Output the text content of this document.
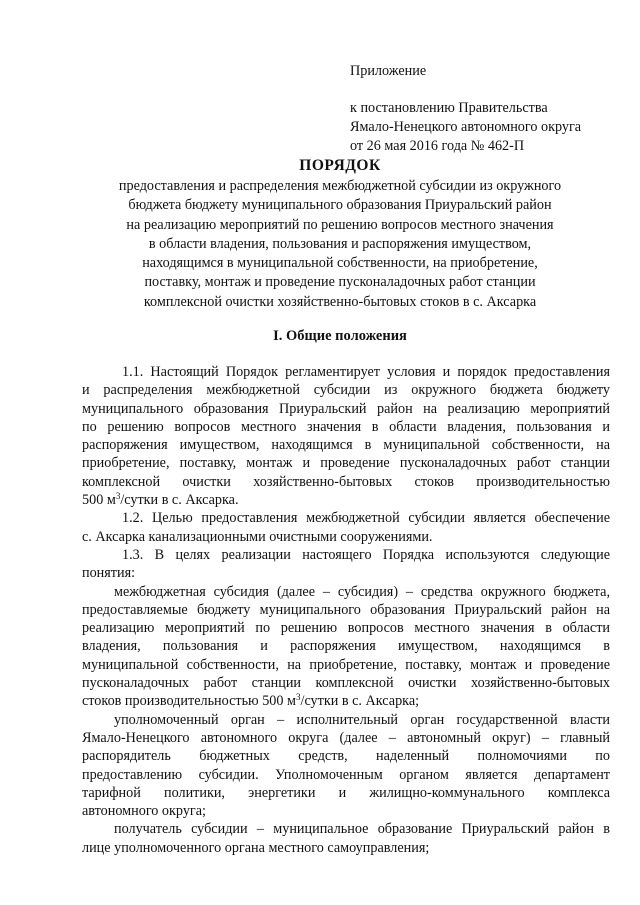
Приложение
к постановлению Правительства
Ямало-Ненецкого автономного округа
от 26 мая 2016 года № 462-П
ПОРЯДОК
предоставления и распределения межбюджетной субсидии из окружного
бюджета бюджету муниципального образования Приуральский район
на реализацию мероприятий по решению вопросов местного значения
в области владения, пользования и распоряжения имуществом,
находящимся в муниципальной собственности, на приобретение,
поставку, монтаж и проведение пусконаладочных работ станции
комплексной очистки хозяйственно-бытовых стоков в с. Аксарка
I. Общие положения
1.1. Настоящий Порядок регламентирует условия и порядок предоставления
и распределения межбюджетной субсидии из окружного бюджета бюджету
муниципального образования Приуральский район на реализацию мероприятий
по решению вопросов местного значения в области владения, пользования и
распоряжения имуществом, находящимся в муниципальной собственности, на
приобретение, поставку, монтаж и проведение пусконаладочных работ станции
комплексной очистки хозяйственно-бытовых стоков производительностью
500 $м^3$/сутки в с. Аксарка.
1.2. Целью предоставления межбюджетной субсидии является обеспечение
с. Аксарка канализационными очистными сооружениями.
1.3. В целях реализации настоящего Порядка используются следующие
понятия:
межбюджетная субсидия (далее – субсидия) – средства окружного бюджета,
предоставляемые бюджету муниципального образования Приуральский район на
реализацию мероприятий по решению вопросов местного значения в области
владения, пользования и распоряжения имуществом, находящимся в
муниципальной собственности, на приобретение, поставку, монтаж и проведение
пусконаладочных работ станции комплексной очистки хозяйственно-бытовых
стоков производительностью 500 $м^3$/сутки в с. Аксарка;
уполномоченный орган – исполнительный орган государственной власти
Ямало-Ненецкого автономного округа (далее – автономный округ) – главный
распорядитель бюджетных средств, наделенный полномочиями по
предоставлению субсидии. Уполномоченным органом является департамент
тарифной политики, энергетики и жилищно-коммунального комплекса
автономного округа;
получатель субсидии – муниципальное образование Приуральский район в
лице уполномоченного органа местного самоуправления;
